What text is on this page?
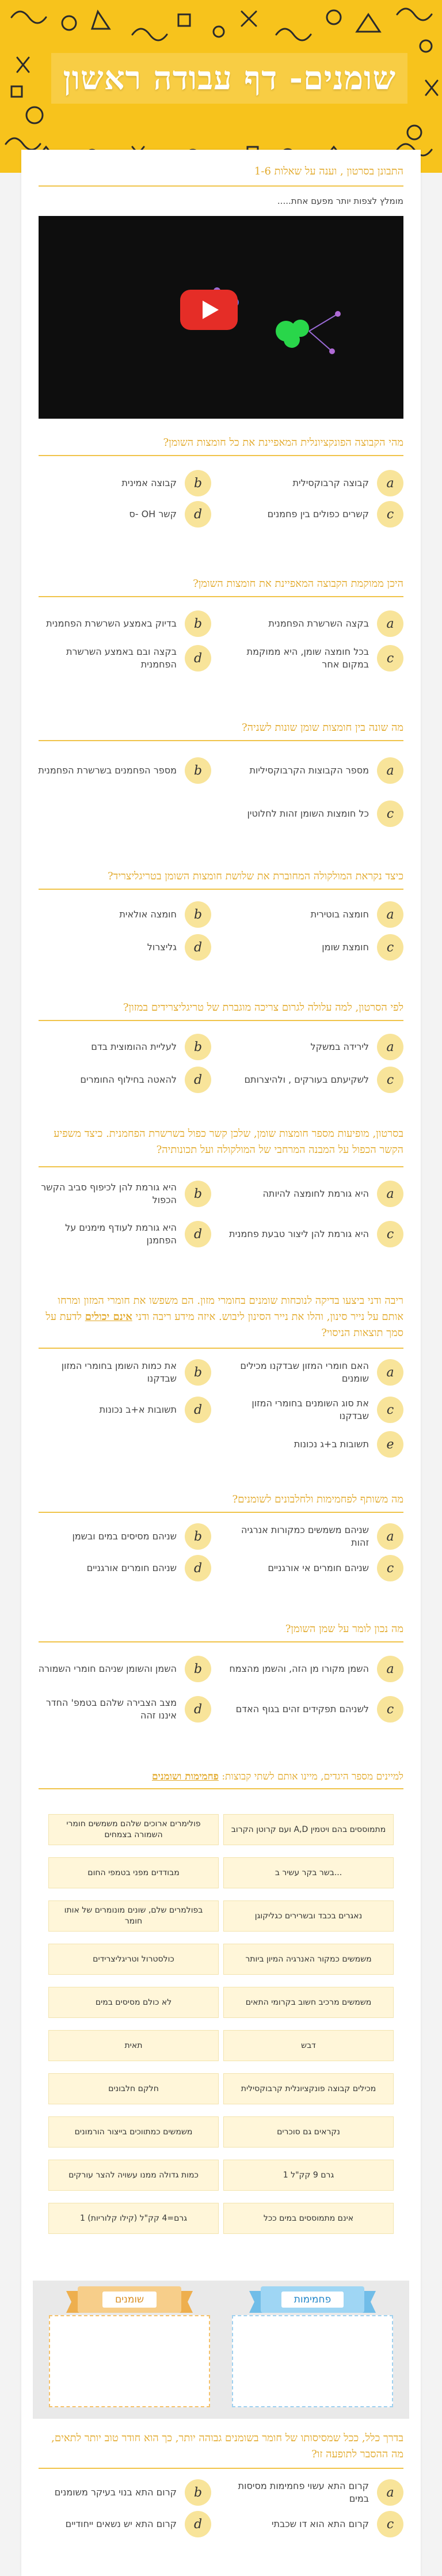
שומנים- דף עבודה ראשון
התבונן בסרטון , וענה על שאלות 1-6
מומלץ לצפות יותר מפעם אחת.....
מהי הקבוצה הפונקציונלית המאפיינת את כל חומצות השומן?
a
קבוצה קרבוקסילית
b
קבוצה אמינית
c
קשרים כפולים בין פחמנים
d
קשר OH -ס
היכן ממוקמת הקבוצה המאפיינת את חומצות השומן?
a
בקצה השרשרת הפחמנית
b
בדיוק באמצע השרשרת הפחמנית
c
בכל חומצה שומן, היא ממוקמת במקום אחר
d
בקצה ובם באמצע השרשרת הפחמנית
מה שונה בין חומצות שומן שונות לשניה?
a
מספר הקבוצות הקרבוקסיליות
b
מספר הפחמנים בשרשרת הפחמנית
c
כל חומצות השומן זהות לחלוטין
כיצד נקראת המולקולה המחוברת את שלושת חומצות השומן בטריגליצריד?
a
חומצה בוטירית
b
חומצה אולאית
c
חומצת שומן
d
גליצרול
לפי הסרטון, למה עלולה לגרום צריכה מוגברת של טריגליצרידים במזון?
a
לירידה במשקל
b
לעליית ההומוצית בדם
c
לשקיעתם בעורקים , ולהיצרותם
d
להאטה בחילוף החומרים
בסרטון, מופיעות מספר חומצות שומן, שלכן קשר כפול בשרשרת הפחמנית. כיצד משפיע הקשר הכפול על המבנה המרחבי של המולקולה ועל תכונותיה?
a
היא גורמת לחומצה להיותה
b
היא גורמת להן לכיפוף סביב הקשר הכפול
c
היא גורמת להן ליצור טבעת פחמנית
d
היא גורמת לעודף מימנים על הפחמנן
ריבה ודני ביצעו בדיקה לנוכחות שומנים בחומרי מזון. הם משפשו את חומרי המזון ומרחו אותם על נייר סינון, והלו את נייר הסינון ליבוש. איזה מידע ריבה ודני אינם יכולים לדעת על סמך תוצאות הניסוי?
a
האם חומרי המזון שבדקנו מכילים שומנים
b
את כמות השומן בחומרי המזון שבדקנו
c
את סוג השומנים בחומרי המזון שבדקנו
d
תשובות א+ב נכונות
e
תשובות ב+ג נכונות
מה משותף לפחמימות ולחלבונים לשומנים?
a
שניהם משמשים כמקורות אנרגיה זהות
b
שניהם מסיסים במים ובשמן
c
שניהם חומרים אי אורגניים
d
שניהם חומרים אורגניים
מה נכון לומר על שמן השומן?
a
השמן מקורו מן הזה, והשמן מהצמח
b
השמן והשומן שניהם חומרי השמורה
c
לשניהם תפקידים זהים בגוף האדם
d
מצב הצבירה שלהם בטמפ' החדר איננו זהה
למיינים מספר היגדים, מיינו אותם לשתי קבוצות: פחמימות ושומנים
מתמוססים בהם ויטמין A,D ועם קרוטן הקרוב
פולימרים ארוכים שלהם משמשים חומרי השמורה בצמחים
...בשר בקר עשיר ב
מבודדים מפני בטמפי החום
נאגרים בכבד ובשרירים כגליקוגן
בפולמרים שלם, שונים מונומרים של אותו חומר
משמשים כמקור האנרגיה המיון ביותר
כולסטרול וטריגליצרידים
משמשים מרכיב חשוב בקרומי התאים
לא כולם מסיסים במים
דבש
תאית
מכילים קבוצה פונקציונלית קרבוקסילית
חלקם חלבונים
נקראים גם סוכרים
משמשים כמתווכים בייצור הורמונים
גרם 9 קק"ל 1
כמות גדולה ממנו עשויה להצר עורקים
אינם מתמוססים במים ככל
גרם=4 קק"ל (קילו קלוריות) 1
פחמימות
שומנים
בדרך כלל, ככל שמסיסותו של חומר בשומנים גבוהה יותר, כך הוא חודר טוב יותר לתאים, מה ההסבר לתופעה זו?
a
קרום התא עשוי פחמימות מסיסות במים
b
קרום התא בנוי בעיקר משומנים
c
קרום התא הוא דו שכבתי
d
קרום התא יש נשאים ייחודיים
